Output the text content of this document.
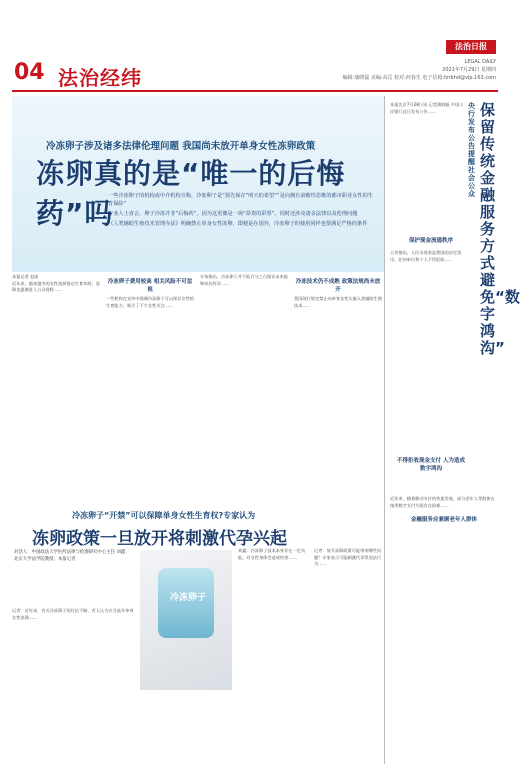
04 法治经纬
法治日报
LEGAL DAILY
2021年7月29日 星期四
编辑:蒲晓磊 美编:高岳 校对:何春生 电子信箱:fzrbhd@vip.163.com
冷冻卵子涉及诸多法律伦理问题 我国尚未放开单身女性冻卵政策
冻卵真的是“唯一的后悔药”吗
一些冷冻卵子的机构或中介机构宣称，冷冻卵子是“预先保存”明天的希望”“是向拥有前瞻性思维的都市职业女性的生育保险”
专业人士直言，卵子冷冻并非“后悔药”，因为这更像是一场“昂贵的彩票”，同时还涉及诸多法律以及伦理问题
《人类辅助生殖技术管理办法》明确禁止单身女性冻卵，即便是在国外，冷冻卵子的使用同样也要满足严格的条件
本报记者 赵丽
近年来，越来越多的女性选择推迟生育年龄，冻卵也逐渐进入公众视野……
冷冻卵子费用较高 相关风险不可忽视
一些机构在宣传中强调冷冻卵子可以保存女性的生育能力，吸引了不少女性关注……
专家指出，冷冻卵子并不能百分之百保证未来能够成功怀孕……	冷冻技术仍不成熟 政策法规尚未放开
我国现行规定禁止向单身女性实施人类辅助生殖技术……
冷冻卵子“开禁”可以保障单身女性生育权?专家认为
冻卵政策一旦放开将刺激代孕兴起
对话人：中国政法大学医药法律与伦理研究中心主任 刘鑫；北京大学法学院教授；本报记者
冷冻卵子
记者：近年来，有关冷冻卵子的讨论不断，有人认为应当放开单身女性冻卵……
刘鑫：冷冻卵子技术本身存在一定风险，对女性身体会造成伤害……
记者：放开冻卵政策可能带来哪些问题？专家表示可能刺激代孕等违法行为……
央行发布公告提醒社会公众
保留传统金融服务方式避免“数字鸿沟”
本报北京7月28日讯 记者蒲晓磊 中国人民银行近日发布公告……
保护现金流通秩序
公告指出，人民币现金是我国的法定货币，任何单位和个人不得拒收……
不得拒收现金支付 人为造成数字鸿沟
近年来，随着移动支付的快速发展，部分老年人等群体在使用数字支付方面存在困难……
金融服务应兼顾老年人群体
